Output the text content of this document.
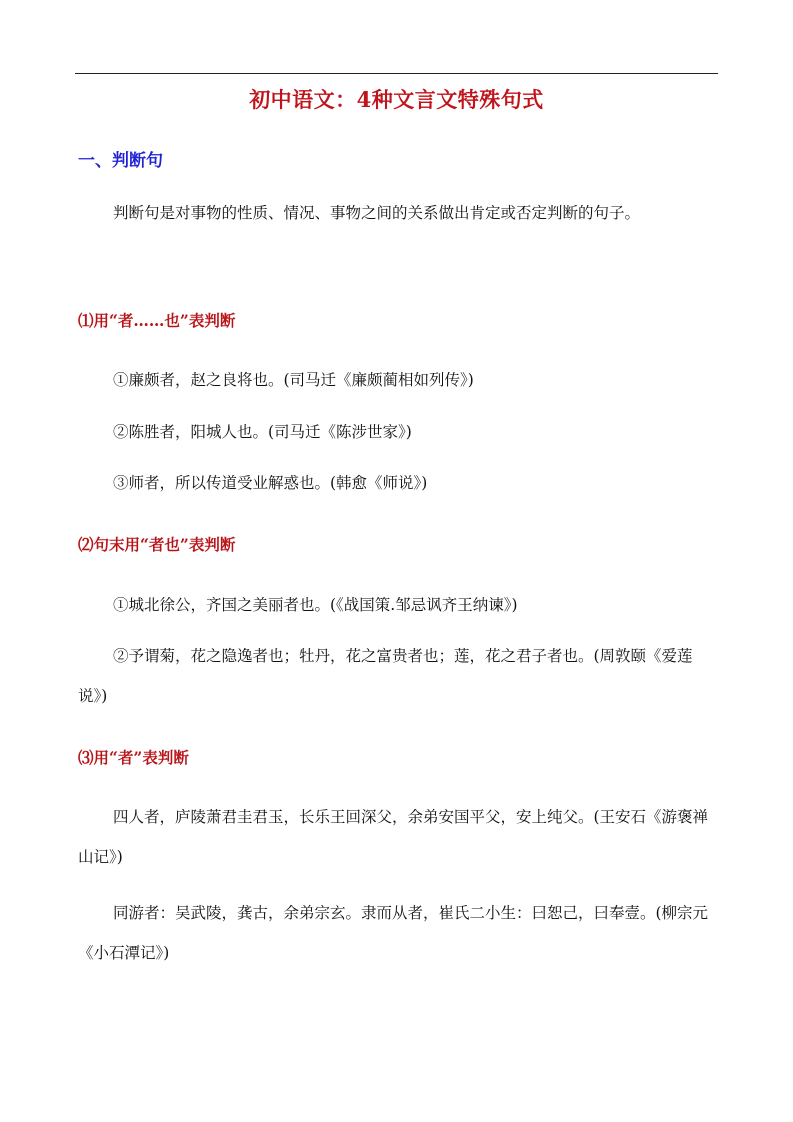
初中语文：4种文言文特殊句式
一、判断句
判断句是对事物的性质、情况、事物之间的关系做出肯定或否定判断的句子。
⑴用“者……也”表判断
①廉颇者，赵之良将也。(司马迁《廉颇蔺相如列传》)
②陈胜者，阳城人也。(司马迁《陈涉世家》)
③师者，所以传道受业解惑也。(韩愈《师说》)
⑵句末用“者也”表判断
①城北徐公，齐国之美丽者也。(《战国策.邹忌讽齐王纳谏》)
②予谓菊，花之隐逸者也；牡丹，花之富贵者也；莲，花之君子者也。(周敦颐《爱莲说》)
⑶用“者”表判断
四人者，庐陵萧君圭君玉，长乐王回深父，余弟安国平父，安上纯父。(王安石《游褒禅山记》)
同游者：吴武陵，龚古，余弟宗玄。隶而从者，崔氏二小生：曰恕己，曰奉壹。(柳宗元《小石潭记》)
